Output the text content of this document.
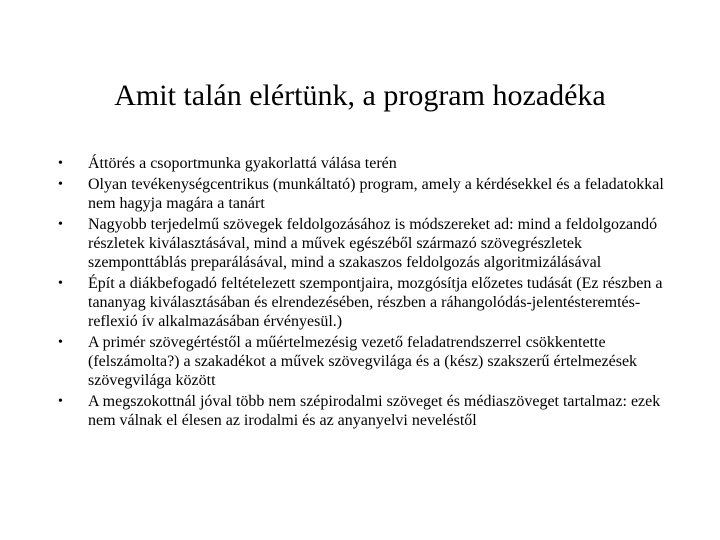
Amit talán elértünk, a program hozadéka
• Áttörés a csoportmunka gyakorlattá válása terén
• Olyan tevékenységcentrikus (munkáltató) program, amely a kérdésekkel és a feladatokkal nem hagyja magára a tanárt
• Nagyobb terjedelmű szövegek feldolgozásához is módszereket ad: mind a feldolgozandó részletek kiválasztásával, mind a művek egészéből származó szövegrészletek szemponttáblás preparálásával, mind a szakaszos feldolgozás algoritmizálásával
• Épít a diákbefogadó feltételezett szempontjaira, mozgósítja előzetes tudását (Ez részben a tananyag kiválasztásában és elrendezésében, részben a ráhangolódás-jelentésteremtés-reflexió ív alkalmazásában érvényesül.)
• A primér szövegértéstől a műértelmezésig vezető feladatrendszerrel csökkentette (felszámolta?) a szakadékot a művek szövegvilága és a (kész) szakszerű értelmezések szövegvilága között
• A megszokottnál jóval több nem szépirodalmi szöveget és médiaszöveget tartalmaz: ezek nem válnak el élesen az irodalmi és az anyanyelvi neveléstől
